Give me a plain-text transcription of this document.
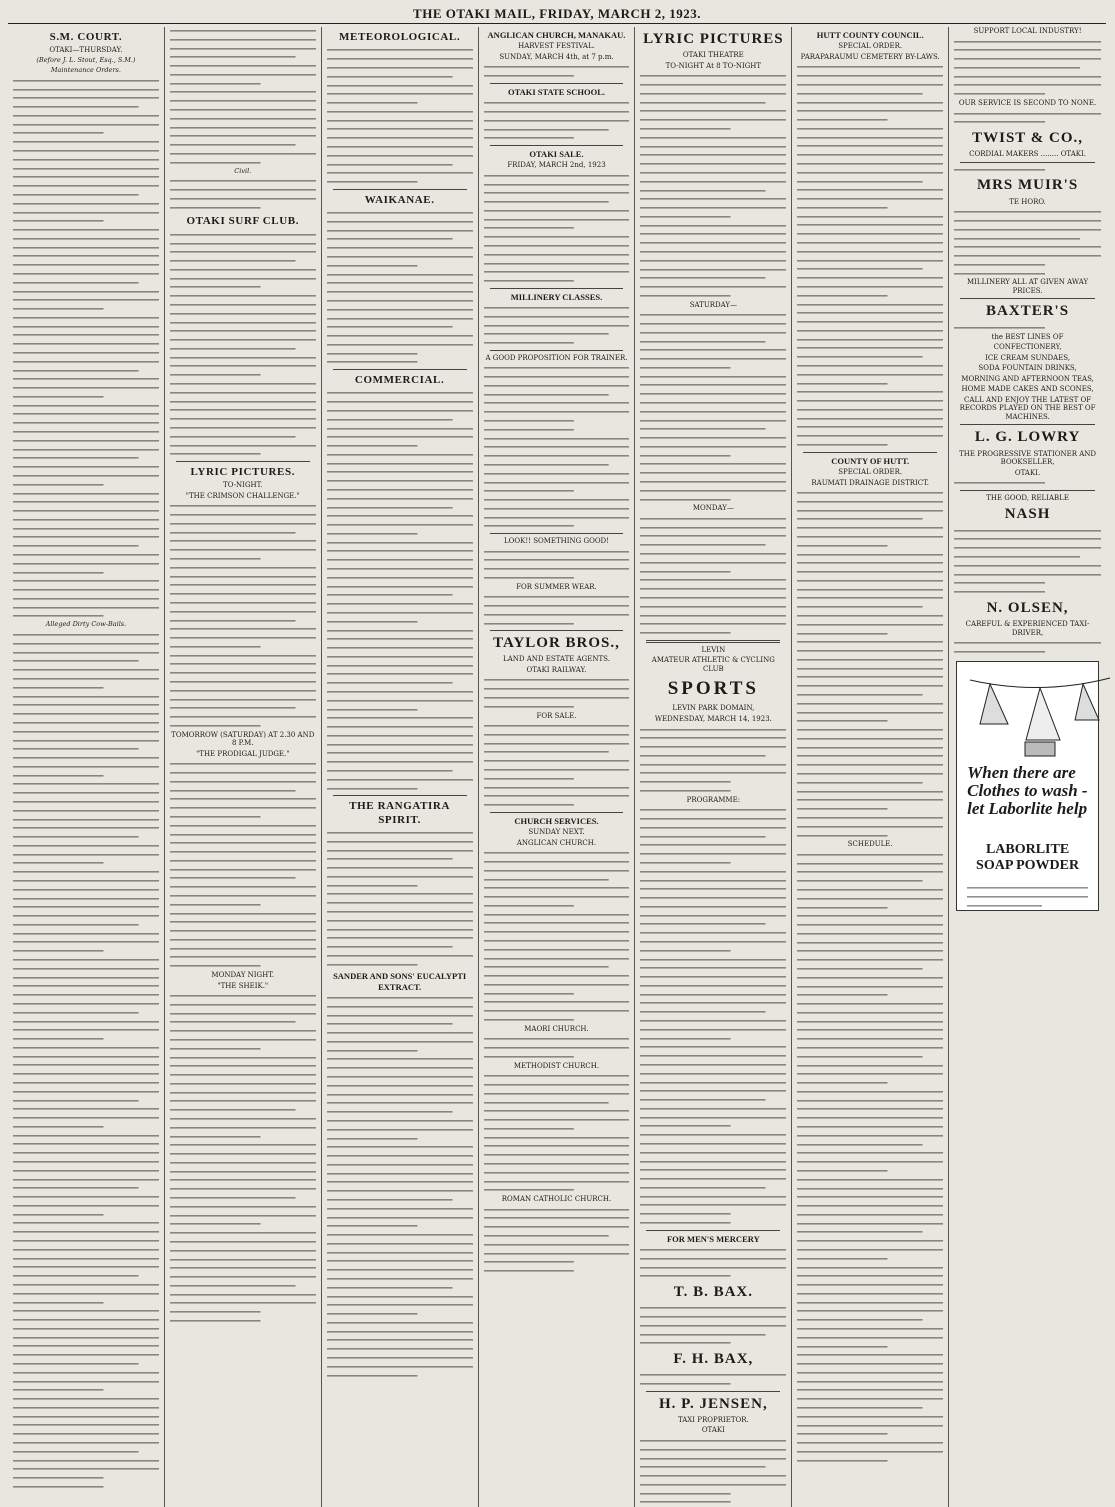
THE OTAKI MAIL, FRIDAY, MARCH 2, 1923.
S.M. COURT.
OTAKI—THURSDAY.
(Before J. L. Stout, Esq., S.M.)
Maintenance Orders.
Alleged Dirty Cow-Bails.
Civil.
OTAKI SURF CLUB.
LYRIC PICTURES.
TO-NIGHT.
"THE CRIMSON CHALLENGE."
TOMORROW (SATURDAY) AT 2.30 AND 8 P.M.
"THE PRODIGAL JUDGE."
MONDAY NIGHT.
"THE SHEIK."
METEOROLOGICAL.
WAIKANAE.
COMMERCIAL.
THE RANGATIRA SPIRIT.
SANDER AND SONS' EUCALYPTI EXTRACT.
ANGLICAN CHURCH, MANAKAU.
HARVEST FESTIVAL.
SUNDAY, MARCH 4th, at 7 p.m.
OTAKI STATE SCHOOL.
OTAKI SALE.
FRIDAY, MARCH 2nd, 1923
MILLINERY CLASSES.
A GOOD PROPOSITION FOR TRAINER.
LOOK!! SOMETHING GOOD!
FOR SUMMER WEAR.
TAYLOR BROS.,
LAND AND ESTATE AGENTS.
OTAKI RAILWAY.
FOR SALE.
CHURCH SERVICES.
SUNDAY NEXT.
ANGLICAN CHURCH.
MAORI CHURCH.
METHODIST CHURCH.
ROMAN CATHOLIC CHURCH.
LYRIC PICTURES
OTAKI THEATRE
TO-NIGHT At 8 TO-NIGHT
SATURDAY—
MONDAY—
LEVIN
AMATEUR ATHLETIC & CYCLING CLUB
SPORTS
LEVIN PARK DOMAIN,
WEDNESDAY, MARCH 14, 1923.
PROGRAMME:
FOR MEN'S MERCERY
T. B. BAX.
F. H. BAX,
H. P. JENSEN,
TAXI PROPRIETOR.
OTAKI
HUTT COUNTY COUNCIL.
SPECIAL ORDER.
PARAPARAUMU CEMETERY BY-LAWS.
COUNTY OF HUTT.
SPECIAL ORDER.
RAUMATI DRAINAGE DISTRICT.
SCHEDULE.
SUPPORT LOCAL INDUSTRY!
OUR SERVICE IS SECOND TO NONE.
TWIST & CO.,
CORDIAL MAKERS ........ OTAKI.
MRS MUIR'S
TE HORO.
MILLINERY ALL AT GIVEN AWAY PRICES.
BAXTER'S
the BEST LINES OF
CONFECTIONERY,
ICE CREAM SUNDAES,
SODA FOUNTAIN DRINKS,
MORNING AND AFTERNOON TEAS,
HOME MADE CAKES AND SCONES,
CALL AND ENJOY THE LATEST OF RECORDS PLAYED ON THE BEST OF MACHINES.
L. G. LOWRY
THE PROGRESSIVE STATIONER AND BOOKSELLER,
OTAKI.
THE GOOD, RELIABLE
NASH
N. OLSEN,
CAREFUL & EXPERIENCED TAXI-DRIVER,
When there are Clothes to wash - let Laborlite help
LABORLITE SOAP POWDER
